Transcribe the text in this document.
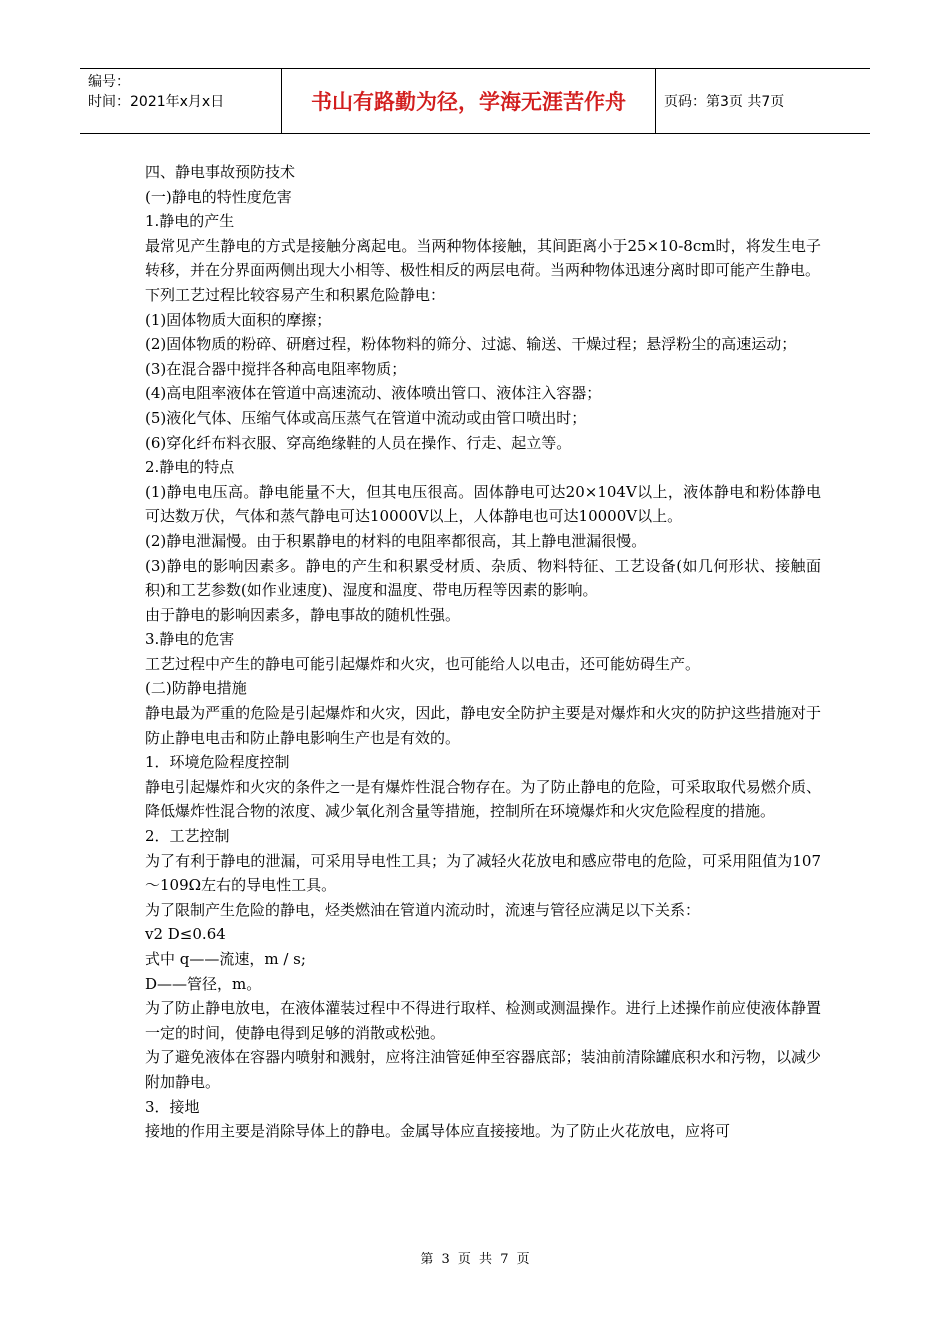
编号：
时间：2021年x月x日	书山有路勤为径，学海无涯苦作舟	页码：第3页 共7页

四、静电事故预防技术

(一)静电的特性度危害

1.静电的产生

最常见产生静电的方式是接触分离起电。当两种物体接触，其间距离小于25×10-8cm时，将发生电子转移，并在分界面两侧出现大小相等、极性相反的两层电荷。当两种物体迅速分离时即可能产生静电。

下列工艺过程比较容易产生和积累危险静电：

(1)固体物质大面积的摩擦；

(2)固体物质的粉碎、研磨过程，粉体物料的筛分、过滤、输送、干燥过程；悬浮粉尘的高速运动；

(3)在混合器中搅拌各种高电阻率物质；

(4)高电阻率液体在管道中高速流动、液体喷出管口、液体注入容器；

(5)液化气体、压缩气体或高压蒸气在管道中流动或由管口喷出时；

(6)穿化纤布料衣服、穿高绝缘鞋的人员在操作、行走、起立等。

2.静电的特点

(1)静电电压高。静电能量不大，但其电压很高。固体静电可达20×104V以上，液体静电和粉体静电可达数万伏，气体和蒸气静电可达10000V以上，人体静电也可达10000V以上。

(2)静电泄漏慢。由于积累静电的材料的电阻率都很高，其上静电泄漏很慢。

(3)静电的影响因素多。静电的产生和积累受材质、杂质、物料特征、工艺设备(如几何形状、接触面积)和工艺参数(如作业速度)、湿度和温度、带电历程等因素的影响。

由于静电的影响因素多，静电事故的随机性强。

3.静电的危害

工艺过程中产生的静电可能引起爆炸和火灾，也可能给人以电击，还可能妨碍生产。

(二)防静电措施

静电最为严重的危险是引起爆炸和火灾，因此，静电安全防护主要是对爆炸和火灾的防护这些措施对于防止静电电击和防止静电影响生产也是有效的。

1．环境危险程度控制

静电引起爆炸和火灾的条件之一是有爆炸性混合物存在。为了防止静电的危险，可采取取代易燃介质、降低爆炸性混合物的浓度、减少氧化剂含量等措施，控制所在环境爆炸和火灾危险程度的措施。

2．工艺控制

为了有利于静电的泄漏，可采用导电性工具；为了减轻火花放电和感应带电的危险，可采用阻值为107～109Ω左右的导电性工具。

为了限制产生危险的静电，烃类燃油在管道内流动时，流速与管径应满足以下关系：

v2 D≤0.64

式中 q——流速，m / s;

D——管径，m。

为了防止静电放电，在液体灌装过程中不得进行取样、检测或测温操作。进行上述操作前应使液体静置一定的时间，使静电得到足够的消散或松弛。

为了避免液体在容器内喷射和溅射，应将注油管延伸至容器底部；装油前清除罐底积水和污物，以减少附加静电。

3．接地

接地的作用主要是消除导体上的静电。金属导体应直接接地。为了防止火花放电，应将可

第 3 页 共 7 页
